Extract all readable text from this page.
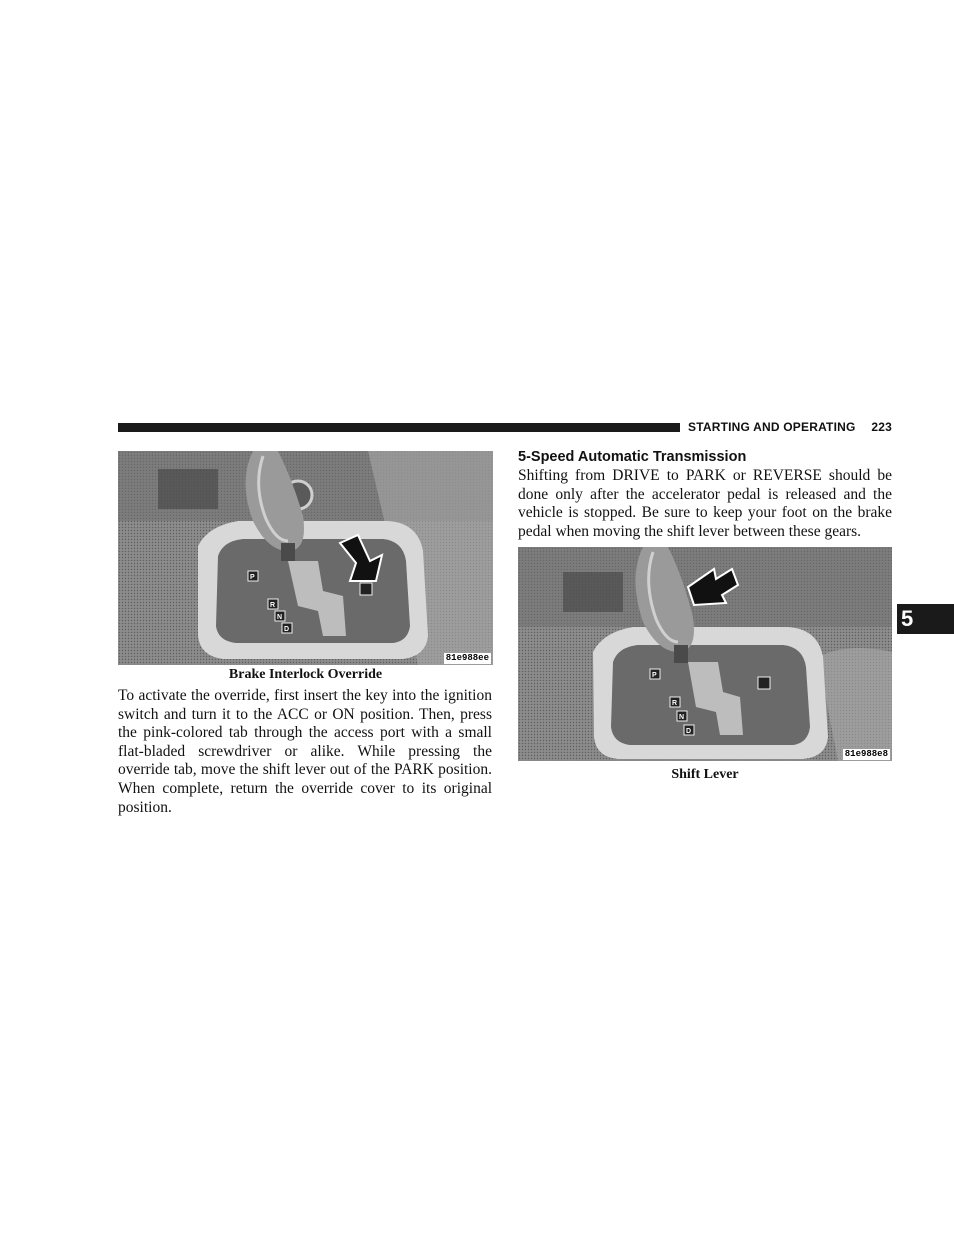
STARTING AND OPERATING 223
5
P
R
N
D
81e988ee
Brake Interlock Override

To activate the override, first insert the key into the ignition switch and turn it to the ACC or ON position. Then, press the pink-colored tab through the access port with a small flat-bladed screwdriver or alike. While pressing the override tab, move the shift lever out of the PARK position. When complete, return the override cover to its original position.

5-Speed Automatic Transmission

Shifting from DRIVE to PARK or REVERSE should be done only after the accelerator pedal is released and the vehicle is stopped. Be sure to keep your foot on the brake pedal when moving the shift lever between these gears.

P
R
N
D
81e988e8
Shift Lever
